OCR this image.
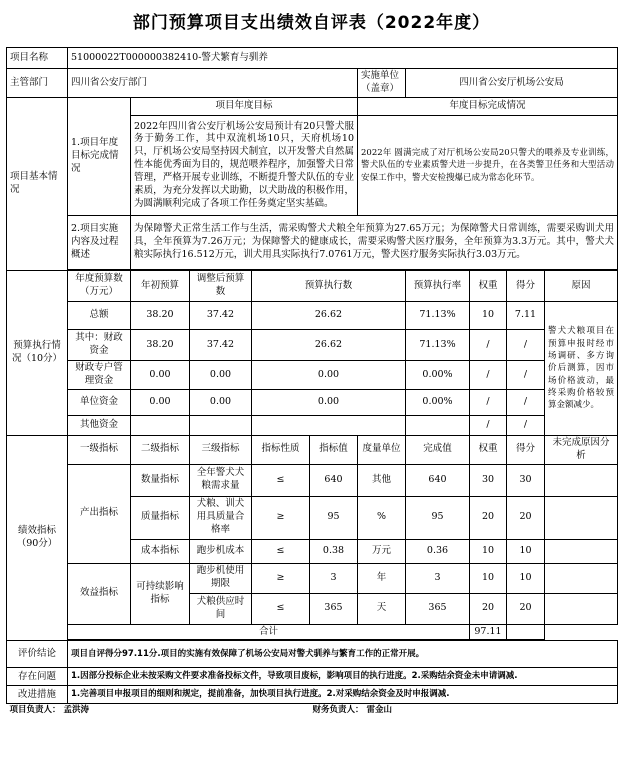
部门预算项目支出绩效自评表（2022年度）
项目名称	51000022T000000382410-警犬繁育与驯养									
主管部门	四川省公安厅部门					实施单位（盖章）	四川省公安厅机场公安局			
项目基本情况	1.项目年度目标完成情况	项目年度目标				年度目标完成情况				
		2022年四川省公安厅机场公安局预计有20只警犬服务于勤务工作，其中双流机场10只，天府机场10只，厅机场公安局坚持因犬制宜，以开发警犬自然属性本能优秀面为目的，规范喂养程序，加强警犬日常管理，严格开展专业训练，不断提升警犬队伍的专业素质，为充分发挥以犬助勤，以犬助战的积极作用，为圆满顺利完成了各项工作任务奠定坚实基础。				2022年 圆满完成了对厅机场公安局20只警犬的喂养及专业训练，警犬队伍的专业素质警犬进一步提升，在各类警卫任务和大型活动安保工作中，警犬安检搜爆已成为常态化环节。				
	2.项目实施内容及过程概述	为保障警犬正常生活工作与生活，需采购警犬犬粮全年预算为27.65万元；为保障警犬日常训练，需要采购训犬用具，全年预算为7.26万元；为保障警犬的健康成长，需要采购警犬医疗服务，全年预算为3.3万元。其中，警犬犬粮实际执行16.512万元，训犬用具实际执行7.0761万元，警犬医疗服务实际执行3.03万元。								

预算执行情况（10分）	年度预算数（万元）	年初预算	调整后预算数	预算执行数			预算执行率	权重	得分	原因
	总额	38.20	37.42	26.62			71.13%	10	7.11	警犬犬粮项目在预算申报时经市场调研、多方询价后测算，因市场价格波动，最终采购价格较预算金额减少。
	其中：财政资金	38.20	37.42	26.62			71.13%	/	/	
	财政专户管理资金	0.00	0.00	0.00			0.00%	/	/	
	单位资金	0.00	0.00	0.00			0.00%	/	/	
	其他资金							/	/	
绩效指标（90分）	一级指标	二级指标	三级指标	指标性质	指标值	度量单位	完成值	权重	得分	未完成原因分析
	产出指标	数量指标	全年警犬犬粮需求量	≤	640	其他	640	30	30	
		质量指标	犬粮、训犬用具质量合格率	≥	95	%	95	20	20	
		成本指标	跑步机成本	≤	0.38	万元	0.36	10	10	
	效益指标	可持续影响指标	跑步机使用期限	≥	3	年	3	10	10	
			犬粮供应时间	≤	365	天	365	20	20	
	合计							97.11		

评价结论	项目自评得分97.11分.项目的实施有效保障了机场公安局对警犬驯养与繁育工作的正常开展。									
存在问题	1.因部分投标企业未按采购文件要求准备投标文件，导致项目废标，影响项目的执行进度。2.采购结余资金未申请调减.									
改进措施	1.完善项目申报项目的细则和规定，提前准备，加快项目执行进度。2.对采购结余资金及时申报调减.									
项目负责人： 孟洪涛					财务负责人： 雷金山					
